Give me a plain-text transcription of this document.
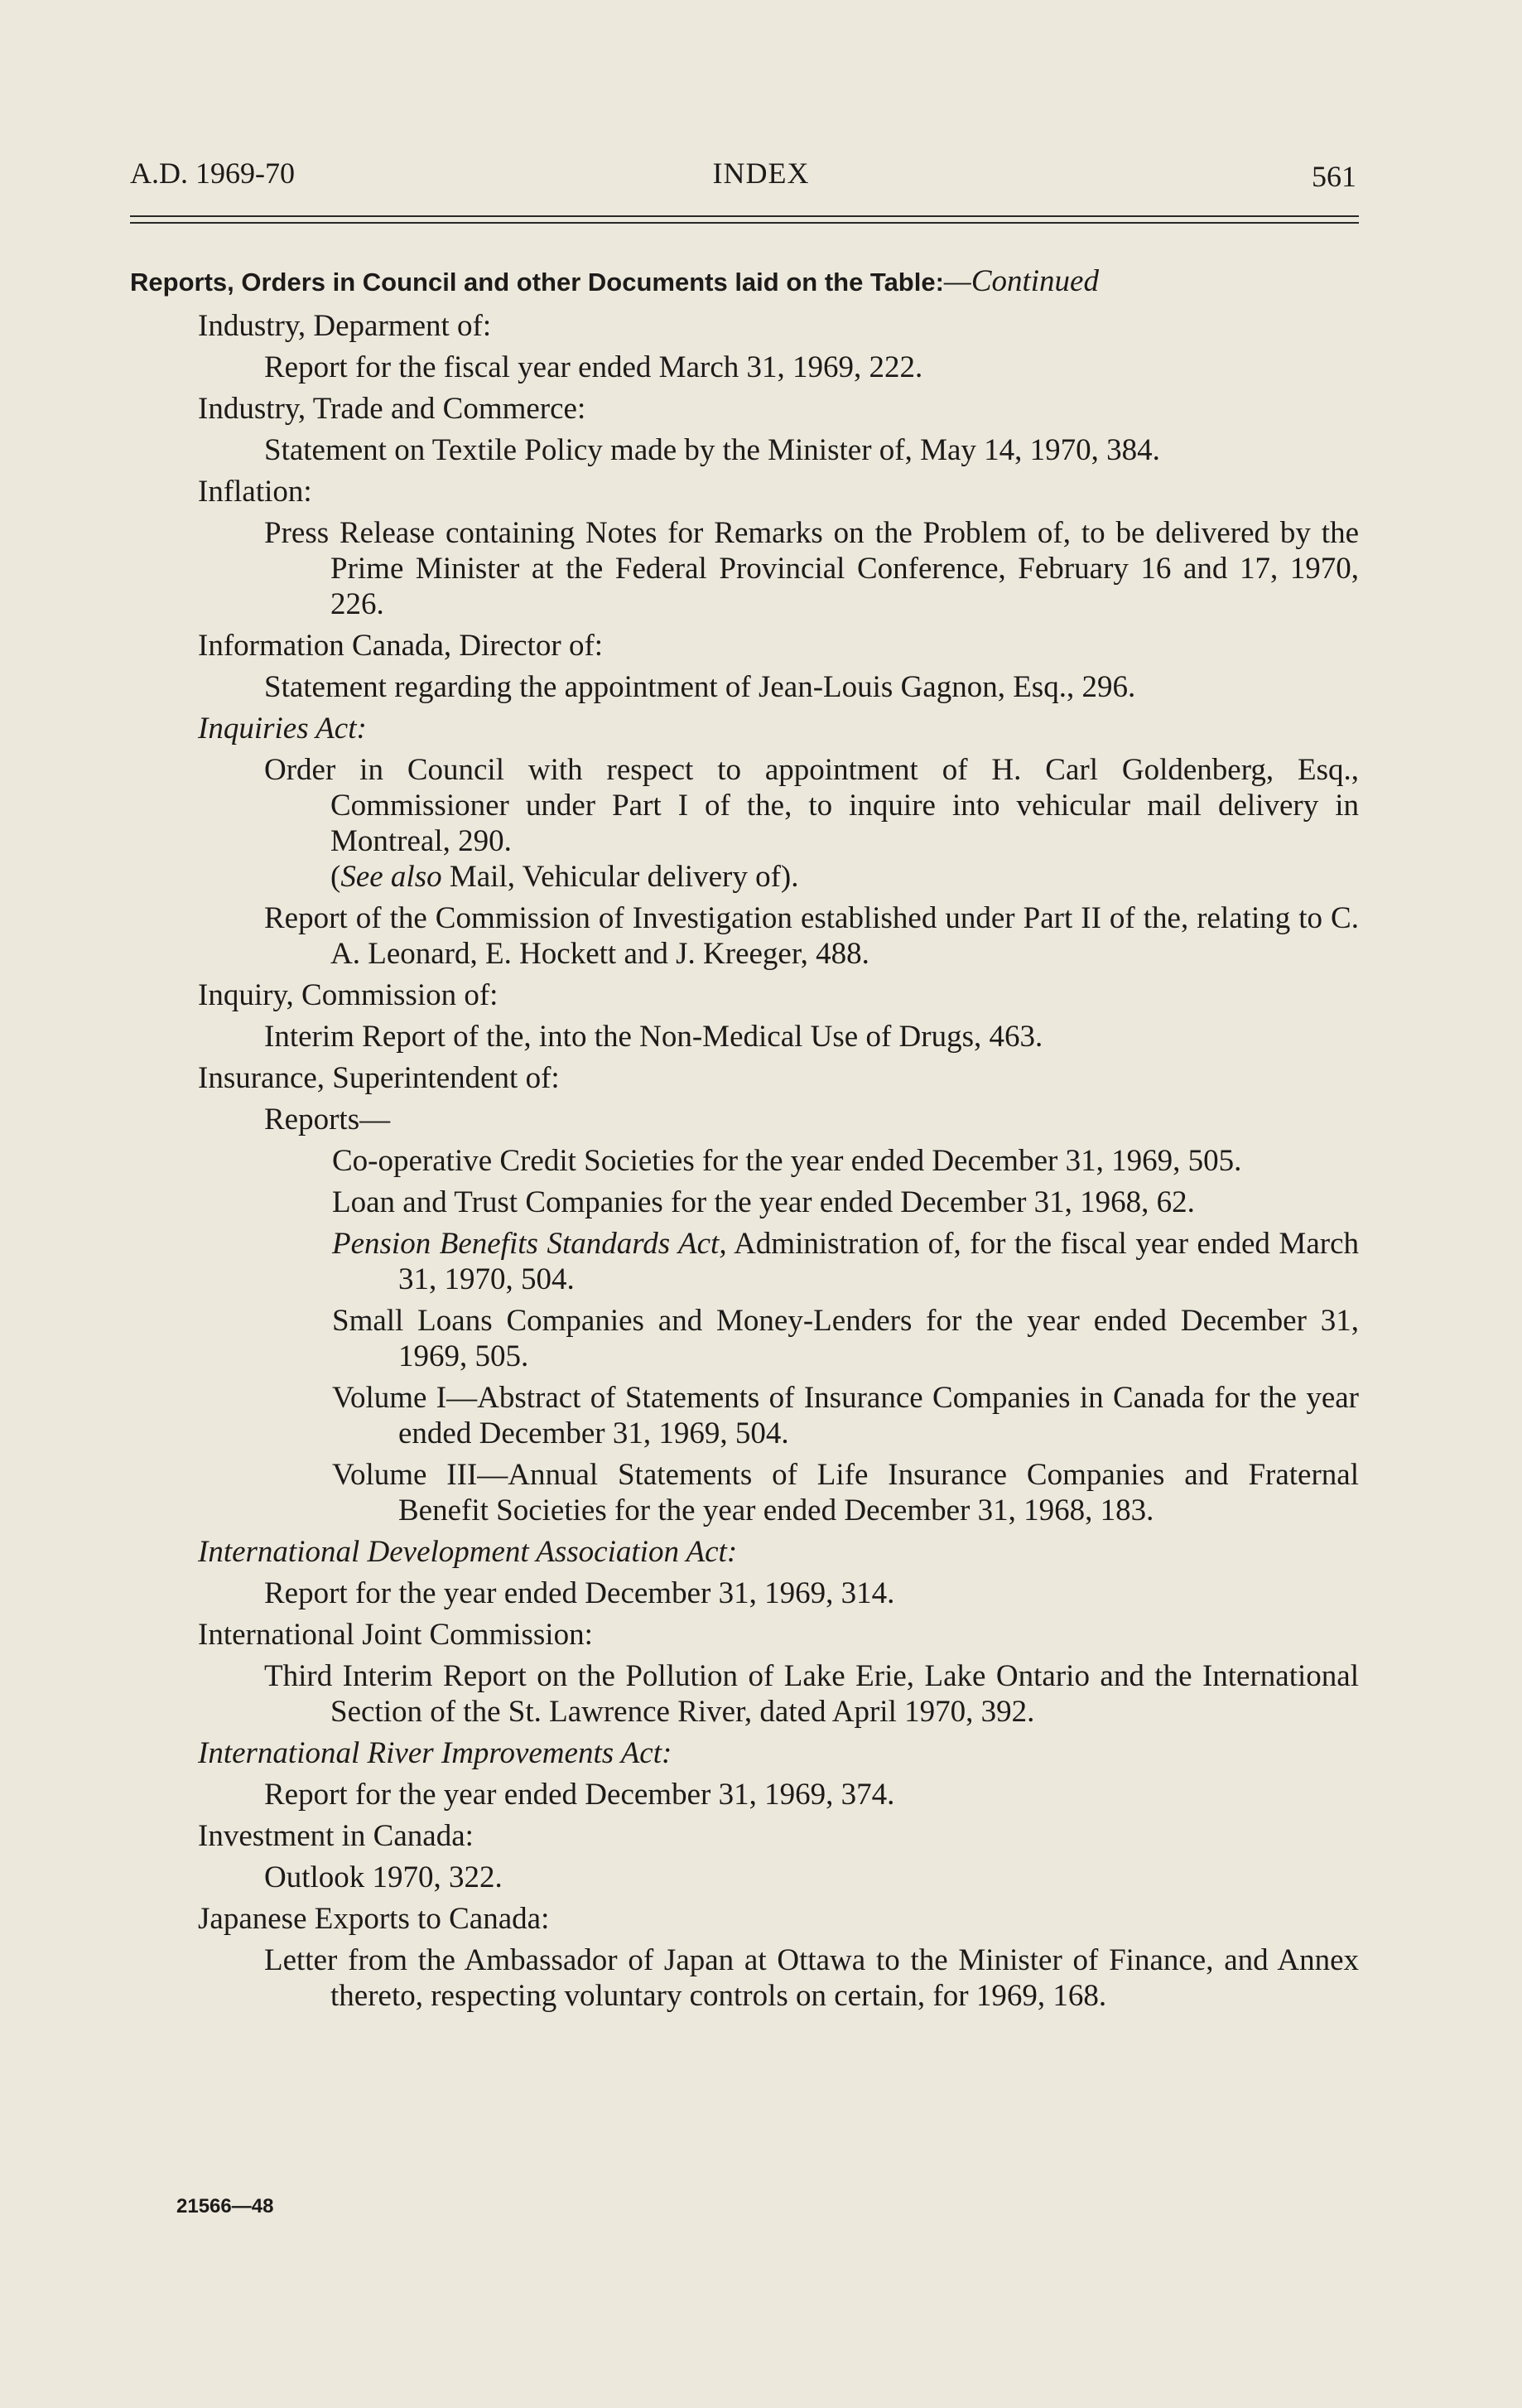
A.D. 1969-70	INDEX	561

Reports, Orders in Council and other Documents laid on the Table:—Continued

Industry, Deparment of:

Report for the fiscal year ended March 31, 1969, 222.

Industry, Trade and Commerce:

Statement on Textile Policy made by the Minister of, May 14, 1970, 384.

Inflation:

Press Release containing Notes for Remarks on the Problem of, to be delivered by the Prime Minister at the Federal Provincial Conference, February 16 and 17, 1970, 226.

Information Canada, Director of:

Statement regarding the appointment of Jean-Louis Gagnon, Esq., 296.

Inquiries Act:

Order in Council with respect to appointment of H. Carl Goldenberg, Esq., Commissioner under Part I of the, to inquire into vehicular mail delivery in Montreal, 290.
(See also Mail, Vehicular delivery of).

Report of the Commission of Investigation established under Part II of the, relating to C. A. Leonard, E. Hockett and J. Kreeger, 488.

Inquiry, Commission of:

Interim Report of the, into the Non-Medical Use of Drugs, 463.

Insurance, Superintendent of:

Reports—

Co-operative Credit Societies for the year ended December 31, 1969, 505.

Loan and Trust Companies for the year ended December 31, 1968, 62.

Pension Benefits Standards Act, Administration of, for the fiscal year ended March 31, 1970, 504.

Small Loans Companies and Money-Lenders for the year ended December 31, 1969, 505.

Volume I—Abstract of Statements of Insurance Companies in Canada for the year ended December 31, 1969, 504.

Volume III—Annual Statements of Life Insurance Companies and Fraternal Benefit Societies for the year ended December 31, 1968, 183.

International Development Association Act:

Report for the year ended December 31, 1969, 314.

International Joint Commission:

Third Interim Report on the Pollution of Lake Erie, Lake Ontario and the International Section of the St. Lawrence River, dated April 1970, 392.

International River Improvements Act:

Report for the year ended December 31, 1969, 374.

Investment in Canada:

Outlook 1970, 322.

Japanese Exports to Canada:

Letter from the Ambassador of Japan at Ottawa to the Minister of Finance, and Annex thereto, respecting voluntary controls on certain, for 1969, 168.

21566—48
